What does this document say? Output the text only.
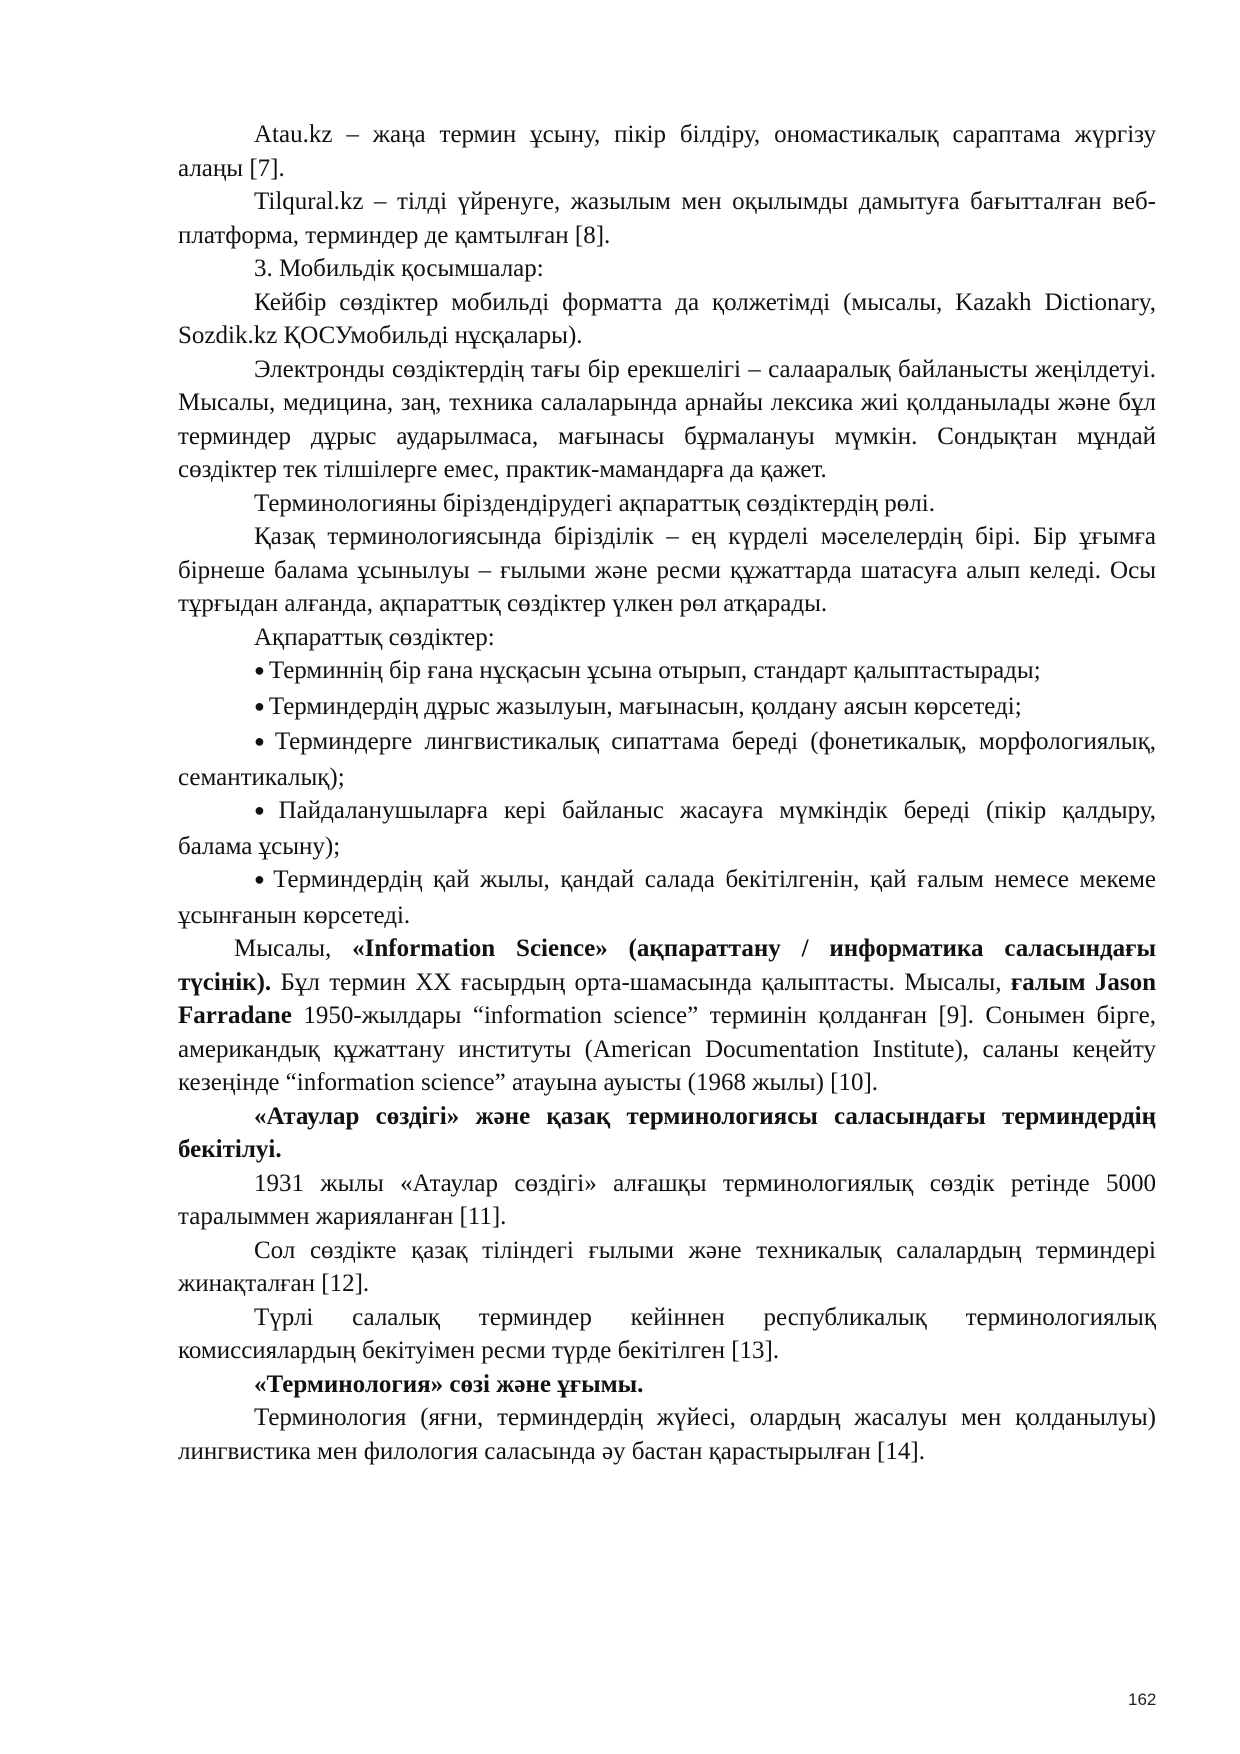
Atau.kz – жаңа термин ұсыну, пікір білдіру, ономастикалық сараптама жүргізу алаңы [7].

Tilqural.kz – тілді үйренуге, жазылым мен оқылымды дамытуға бағытталған веб-платформа, терминдер де қамтылған [8].

3. Мобильдік қосымшалар:

Кейбір сөздіктер мобильді форматта да қолжетімді (мысалы, Kazakh Dictionary, Sozdik.kz ҚОСУмобильді нұсқалары).

Электронды сөздіктердің тағы бір ерекшелігі – салааралық байланысты жеңілдетуі. Мысалы, медицина, заң, техника салаларында арнайы лексика жиі қолданылады және бұл терминдер дұрыс аударылмаса, мағынасы бұрмалануы мүмкін. Сондықтан мұндай сөздіктер тек тілшілерге емес, практик-мамандарға да қажет.

Терминологияны біріздендірудегі ақпараттық сөздіктердің рөлі.

Қазақ терминологиясында бірізділік – ең күрделі мәселелердің бірі. Бір ұғымға бірнеше балама ұсынылуы – ғылыми және ресми құжаттарда шатасуға алып келеді. Осы тұрғыдан алғанда, ақпараттық сөздіктер үлкен рөл атқарады.

Ақпараттық сөздіктер:

● Терминнің бір ғана нұсқасын ұсына отырып, стандарт қалыптастырады;

● Терминдердің дұрыс жазылуын, мағынасын, қолдану аясын көрсетеді;

● Терминдерге лингвистикалық сипаттама береді (фонетикалық, морфологиялық, семантикалық);

● Пайдаланушыларға кері байланыс жасауға мүмкіндік береді (пікір қалдыру, балама ұсыну);

● Терминдердің қай жылы, қандай салада бекітілгенін, қай ғалым немесе мекеме ұсынғанын көрсетеді.

Мысалы, «Information Science» (ақпараттану / информатика саласындағы түсінік). Бұл термин XX ғасырдың орта-шамасында қалыптасты. Мысалы, ғалым Jason Farradane 1950-жылдары “information science” терминін қолданған [9]. Сонымен бірге, американдық құжаттану институты (American Documentation Institute), саланы кеңейту кезеңінде “information science” атауына ауысты (1968 жылы) [10].

«Атаулар сөздігі» және қазақ терминологиясы саласындағы терминдердің бекітілуі.

1931 жылы «Атаулар сөздігі» алғашқы терминологиялық сөздік ретінде 5000 таралыммен жарияланған [11].

Сол сөздікте қазақ тіліндегі ғылыми және техникалық салалардың терминдері жинақталған [12].

Түрлі салалық терминдер кейіннен республикалық терминологиялық комиссиялардың бекітуімен ресми түрде бекітілген [13].

«Терминология» сөзі және ұғымы.

Терминология (яғни, терминдердің жүйесі, олардың жасалуы мен қолданылуы) лингвистика мен филология саласында әу бастан қарастырылған [14].

162
